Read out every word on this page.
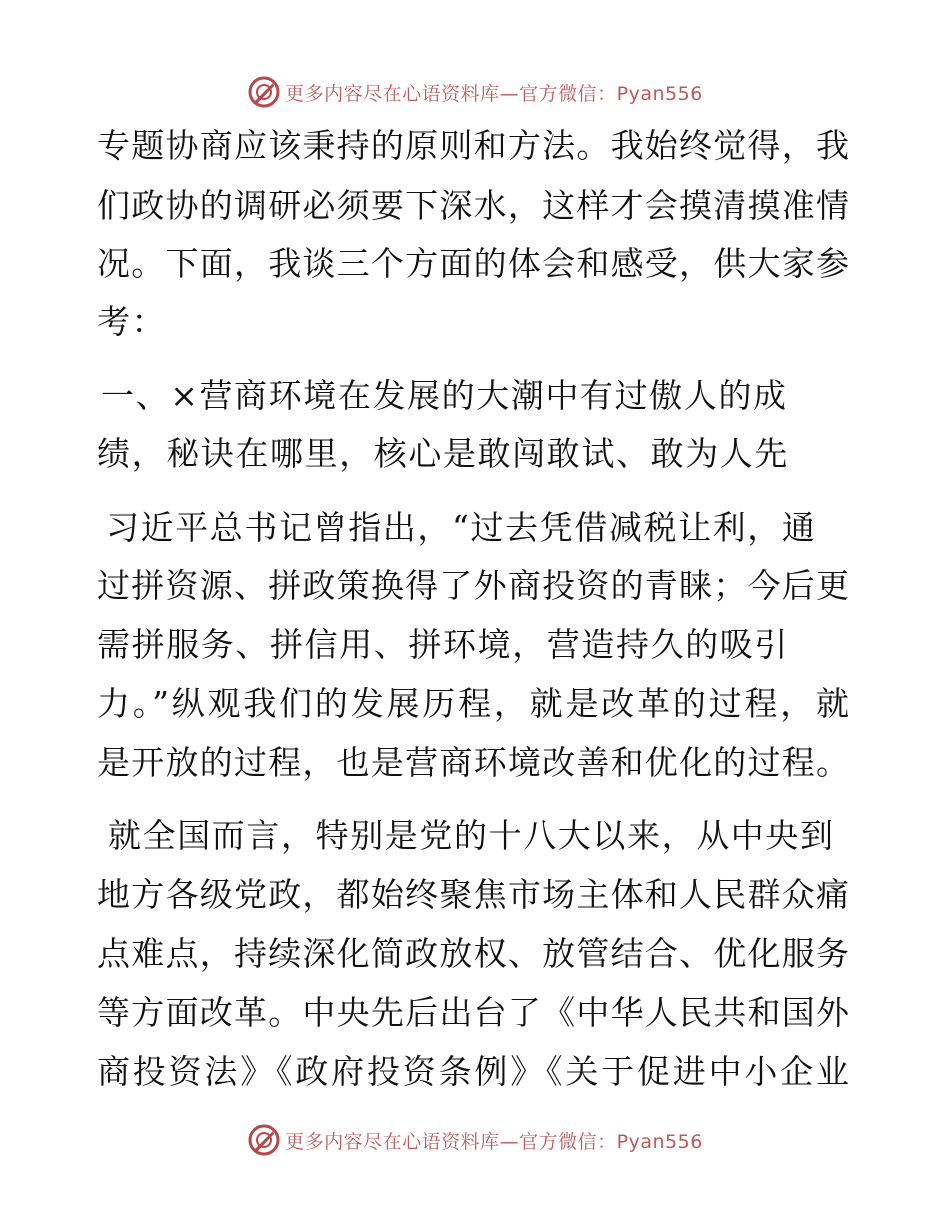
更多内容尽在心语资料库—官方微信：Pyan556
专题协商应该秉持的原则和方法。我始终觉得，我
们政协的调研必须要下深水，这样才会摸清摸准情
况。下面，我谈三个方面的体会和感受，供大家参
考：
一、×营商环境在发展的大潮中有过傲人的成
绩，秘诀在哪里，核心是敢闯敢试、敢为人先
习近平总书记曾指出，“过去凭借减税让利，通
过拼资源、拼政策换得了外商投资的青睐；今后更
需拼服务、拼信用、拼环境，营造持久的吸引
力。”纵观我们的发展历程，就是改革的过程，就
是开放的过程，也是营商环境改善和优化的过程。
就全国而言，特别是党的十八大以来，从中央到
地方各级党政，都始终聚焦市场主体和人民群众痛
点难点，持续深化简政放权、放管结合、优化服务
等方面改革。中央先后出台了《中华人民共和国外
商投资法》《政府投资条例》《关于促进中小企业
更多内容尽在心语资料库—官方微信：Pyan556
